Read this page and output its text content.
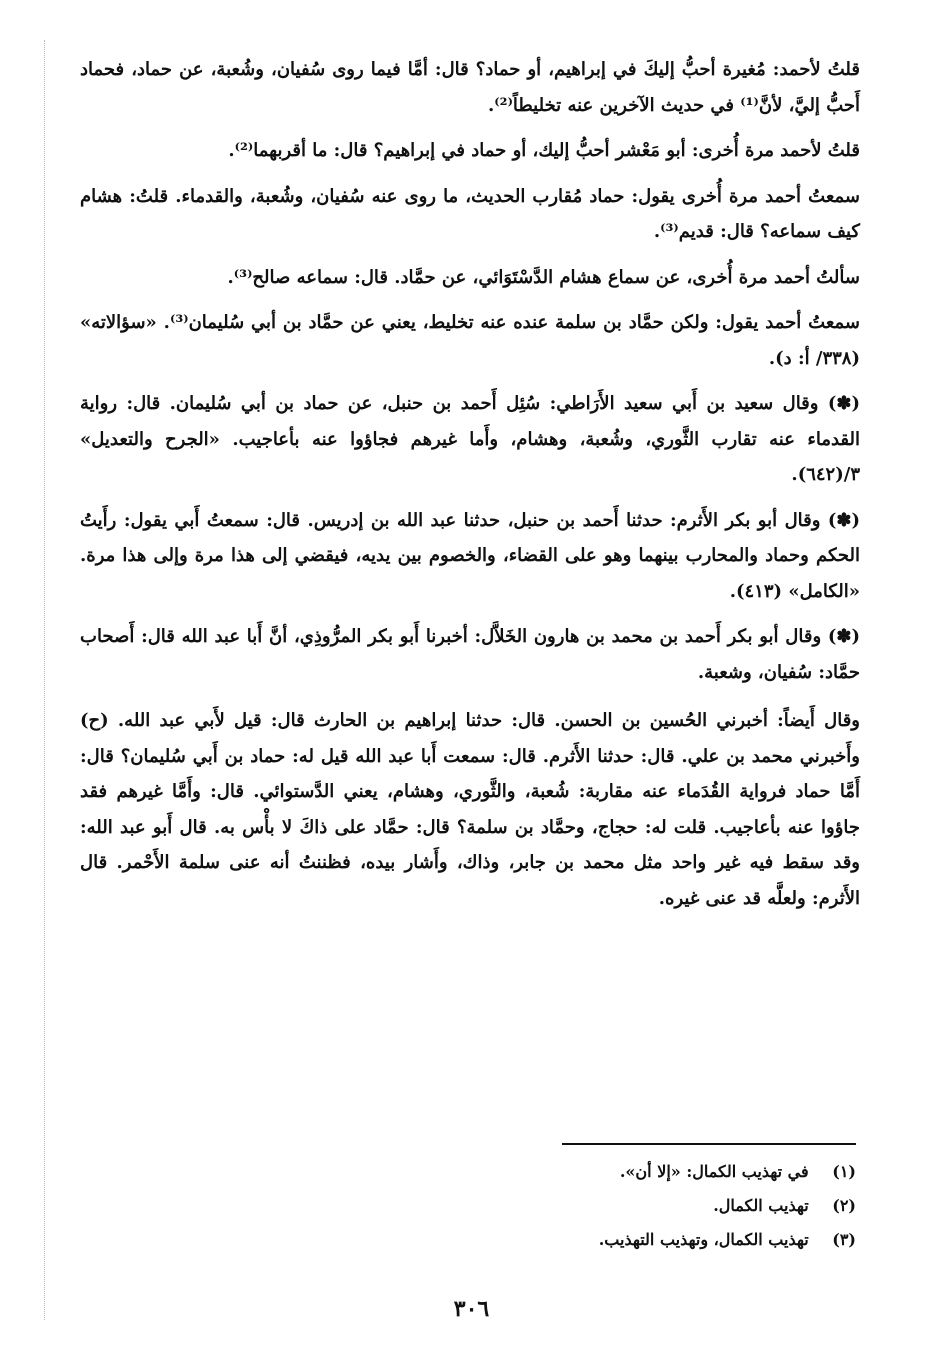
قلتُ لأحمد: مُغيرة أحبُّ إليكَ في إبراهيم، أو حماد؟ قال: أمَّا فيما روى سُفيان، وشُعبة، عن حماد، فحماد أَحبُّ إليَّ، لأنَّ⁽¹⁾ في حديث الآخرين عنه تخليطاً⁽²⁾.

قلتُ لأحمد مرة أُخرى: أبو مَعْشر أحبُّ إليك، أو حماد في إبراهيم؟ قال: ما أقربهما⁽²⁾.

سمعتُ أحمد مرة أُخرى يقول: حماد مُقارب الحديث، ما روى عنه سُفيان، وشُعبة، والقدماء. قلتُ: هشام كيف سماعه؟ قال: قديم⁽³⁾.

سألتُ أحمد مرة أُخرى، عن سماع هشام الدَّسْتَوَائي، عن حمَّاد. قال: سماعه صالح⁽³⁾.

سمعتُ أحمد يقول: ولكن حمَّاد بن سلمة عنده عنه تخليط، يعني عن حمَّاد بن أبي سُليمان⁽³⁾. «سؤالاته» (٣٣٨/ أ: د).

(✽) وقال سعيد بن أَبي سعيد الأَرَاطي: سُئِل أَحمد بن حنبل، عن حماد بن أبي سُليمان. قال: رواية القدماء عنه تقارب الثَّوري، وشُعبة، وهشام، وأَما غيرهم فجاؤوا عنه بأعاجيب. «الجرح والتعديل» ٣/(٦٤٢).

(✽) وقال أبو بكر الأَثرم: حدثنا أَحمد بن حنبل، حدثنا عبد الله بن إدريس. قال: سمعتُ أَبي يقول: رأَيتُ الحكم وحماد والمحارب بينهما وهو على القضاء، والخصوم بين يديه، فيقضي إلى هذا مرة وإلى هذا مرة. «الكامل» (٤١٣).

(✽) وقال أبو بكر أَحمد بن محمد بن هارون الخَلاَّل: أخبرنا أَبو بكر المرُّوذِي، أنَّ أَبا عبد الله قال: أَصحاب حمَّاد: سُفيان، وشعبة.

وقال أَيضاً: أخبرني الحُسين بن الحسن. قال: حدثنا إبراهيم بن الحارث قال: قيل لأَبي عبد الله. (ح) وأَخبرني محمد بن علي. قال: حدثنا الأَثرم. قال: سمعت أَبا عبد الله قيل له: حماد بن أَبي سُليمان؟ قال: أَمَّا حماد فرواية القُدَماء عنه مقاربة: شُعبة، والثَّوري، وهشام، يعني الدَّستوائي. قال: وأَمَّا غيرهم فقد جاؤوا عنه بأعاجيب. قلت له: حجاج، وحمَّاد بن سلمة؟ قال: حمَّاد على ذاكَ لا بأْس به. قال أَبو عبد الله: وقد سقط فيه غير واحد مثل محمد بن جابر، وذاك، وأَشار بيده، فظننتُ أنه عنى سلمة الأَحْمر. قال الأَثرم: ولعلَّه قد عنى غيره.

(١) في تهذيب الكمال: «إلا أن».
(٢) تهذيب الكمال.
(٣) تهذيب الكمال، وتهذيب التهذيب.
٣٠٦
